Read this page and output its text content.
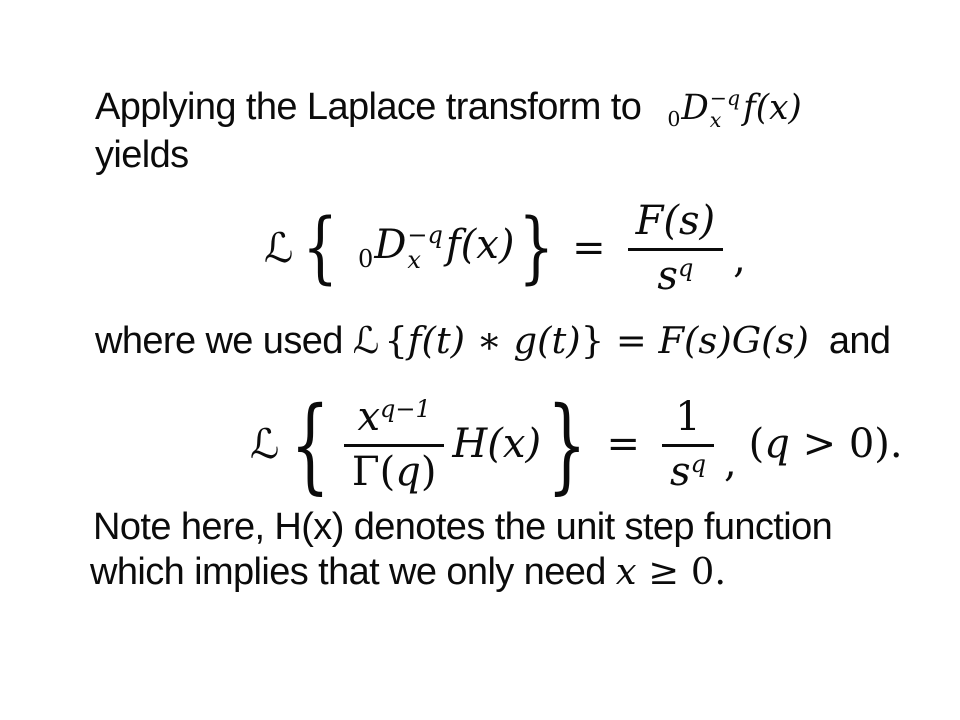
Applying the Laplace transform to $_0$D −q
x f(x)
yields
ℒ { $_0$D −q
x f(x) } = $\frac{F(s)}{s^q}$ ,
where we used ℒ {f(t) ∗ g(t)} = F(s)G(s) and
ℒ { $\frac{x^{q-1}}{\Gamma(q)} H(x)$ } = $\frac{1}{s^q}$ , (q > 0).
Note here, H(x) denotes the unit step function
which implies that we only need x ≥ 0.
